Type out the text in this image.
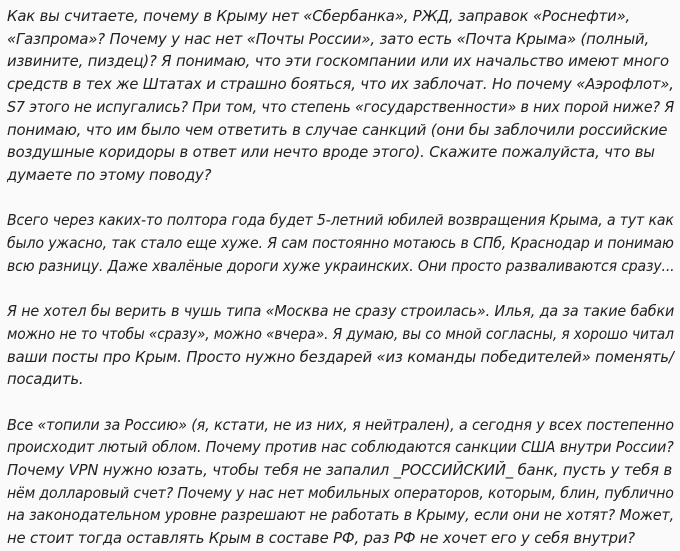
Как вы считаете, почему в Крыму нет «Сбербанка», РЖД, заправок «Роснефти»,
«Газпрома»? Почему у нас нет «Почты России», зато есть «Почта Крыма» (полный,
извините, пиздец)? Я понимаю, что эти госкомпании или их начальство имеют много
средств в тех же Штатах и страшно бояться, что их заблочат. Но почему «Аэрофлот»,
S7 этого не испугались? При том, что степень «государственности» в них порой ниже? Я
понимаю, что им было чем ответить в случае санкций (они бы заблочили российские
воздушные коридоры в ответ или нечто вроде этого). Скажите пожалуйста, что вы
думаете по этому поводу?
Всего через каких-то полтора года будет 5-летний юбилей возвращения Крыма, а тут как
было ужасно, так стало еще хуже. Я сам постоянно мотаюсь в СПб, Краснодар и понимаю
всю разницу. Даже хвалёные дороги хуже украинских. Они просто разваливаются сразу...
Я не хотел бы верить в чушь типа «Москва не сразу строилась». Илья, да за такие бабки
можно не то чтобы «сразу», можно «вчера». Я думаю, вы со мной согласны, я хорошо читал
ваши посты про Крым. Просто нужно бездарей «из команды победителей» поменять/
посадить.
Все «топили за Россию» (я, кстати, не из них, я нейтрален), а сегодня у всех постепенно
происходит лютый облом. Почему против нас соблюдаются санкции США внутри России?
Почему VPN нужно юзать, чтобы тебя не запалил _РОССИЙСКИЙ_ банк, пусть у тебя в
нём долларовый счет? Почему у нас нет мобильных операторов, которым, блин, публично
на законодательном уровне разрешают не работать в Крыму, если они не хотят? Может,
не стоит тогда оставлять Крым в составе РФ, раз РФ не хочет его у себя внутри?
